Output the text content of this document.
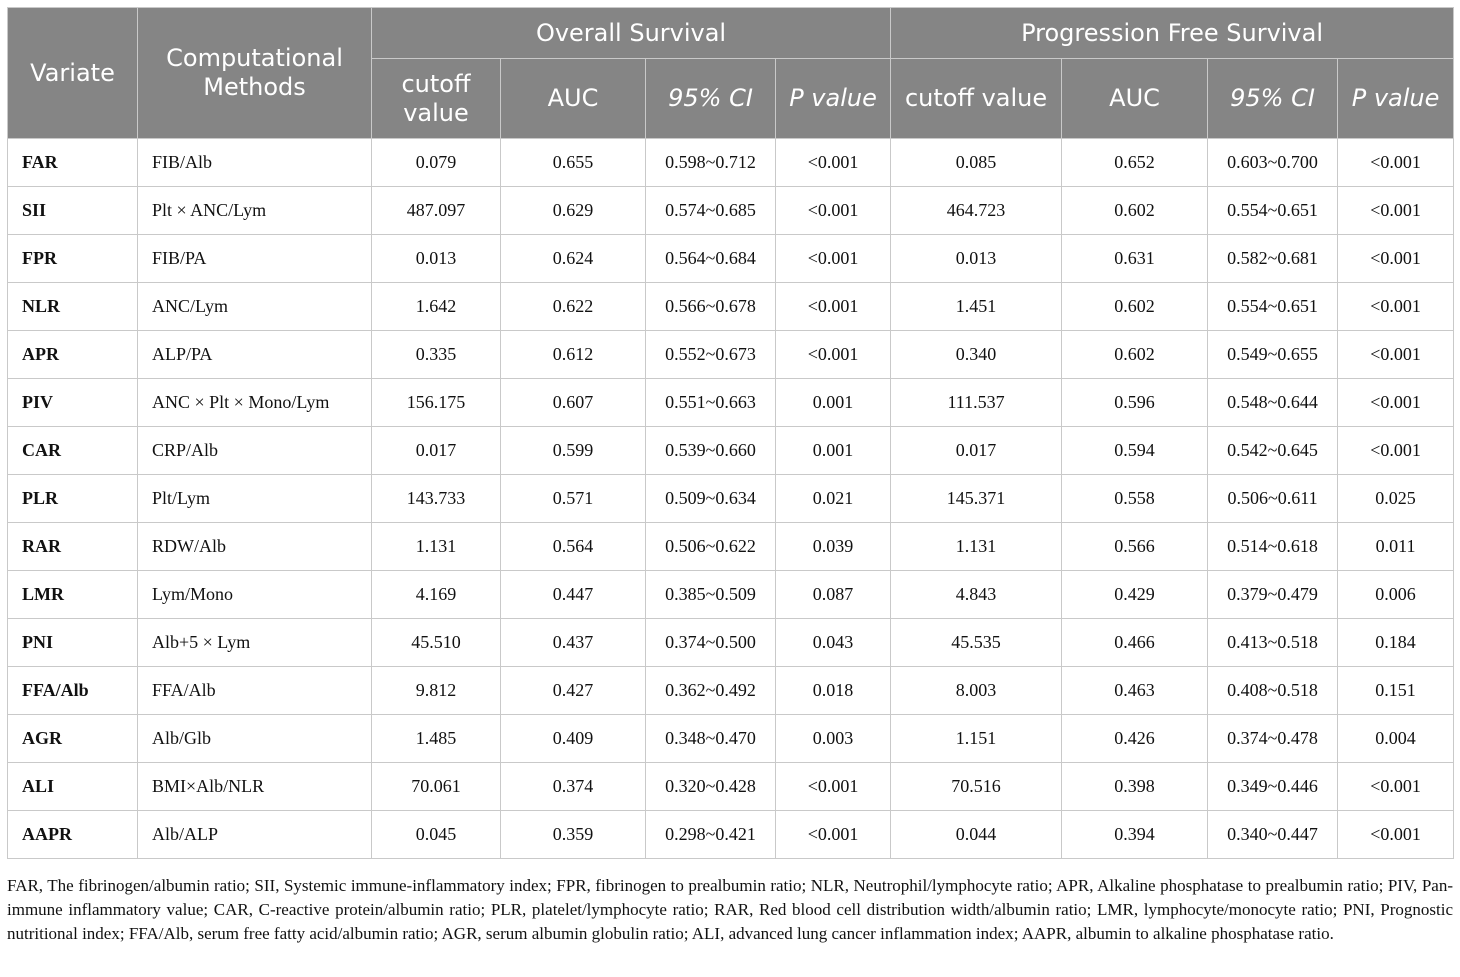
Variate	Computational Methods	Overall Survival				Progression Free Survival			
		cutoff value	AUC	95% CI	P value	cutoff value	AUC	95% CI	P value
FAR	FIB/Alb	0.079	0.655	0.598~0.712	<0.001	0.085	0.652	0.603~0.700	<0.001
SII	Plt × ANC/Lym	487.097	0.629	0.574~0.685	<0.001	464.723	0.602	0.554~0.651	<0.001
FPR	FIB/PA	0.013	0.624	0.564~0.684	<0.001	0.013	0.631	0.582~0.681	<0.001
NLR	ANC/Lym	1.642	0.622	0.566~0.678	<0.001	1.451	0.602	0.554~0.651	<0.001
APR	ALP/PA	0.335	0.612	0.552~0.673	<0.001	0.340	0.602	0.549~0.655	<0.001
PIV	ANC × Plt × Mono/Lym	156.175	0.607	0.551~0.663	0.001	111.537	0.596	0.548~0.644	<0.001
CAR	CRP/Alb	0.017	0.599	0.539~0.660	0.001	0.017	0.594	0.542~0.645	<0.001
PLR	Plt/Lym	143.733	0.571	0.509~0.634	0.021	145.371	0.558	0.506~0.611	0.025
RAR	RDW/Alb	1.131	0.564	0.506~0.622	0.039	1.131	0.566	0.514~0.618	0.011
LMR	Lym/Mono	4.169	0.447	0.385~0.509	0.087	4.843	0.429	0.379~0.479	0.006
PNI	Alb+5 × Lym	45.510	0.437	0.374~0.500	0.043	45.535	0.466	0.413~0.518	0.184
FFA/Alb	FFA/Alb	9.812	0.427	0.362~0.492	0.018	8.003	0.463	0.408~0.518	0.151
AGR	Alb/Glb	1.485	0.409	0.348~0.470	0.003	1.151	0.426	0.374~0.478	0.004
ALI	BMI×Alb/NLR	70.061	0.374	0.320~0.428	<0.001	70.516	0.398	0.349~0.446	<0.001
AAPR	Alb/ALP	0.045	0.359	0.298~0.421	<0.001	0.044	0.394	0.340~0.447	<0.001
FAR, The fibrinogen/albumin ratio; SII, Systemic immune-inflammatory index; FPR, fibrinogen to prealbumin ratio; NLR, Neutrophil/lymphocyte ratio; APR, Alkaline phosphatase to prealbumin ratio; PIV, Pan-immune inflammatory value; CAR, C-reactive protein/albumin ratio; PLR, platelet/lymphocyte ratio; RAR, Red blood cell distribution width/albumin ratio; LMR, lymphocyte/monocyte ratio; PNI, Prognostic nutritional index; FFA/Alb, serum free fatty acid/albumin ratio; AGR, serum albumin globulin ratio; ALI, advanced lung cancer inflammation index; AAPR, albumin to alkaline phosphatase ratio.
